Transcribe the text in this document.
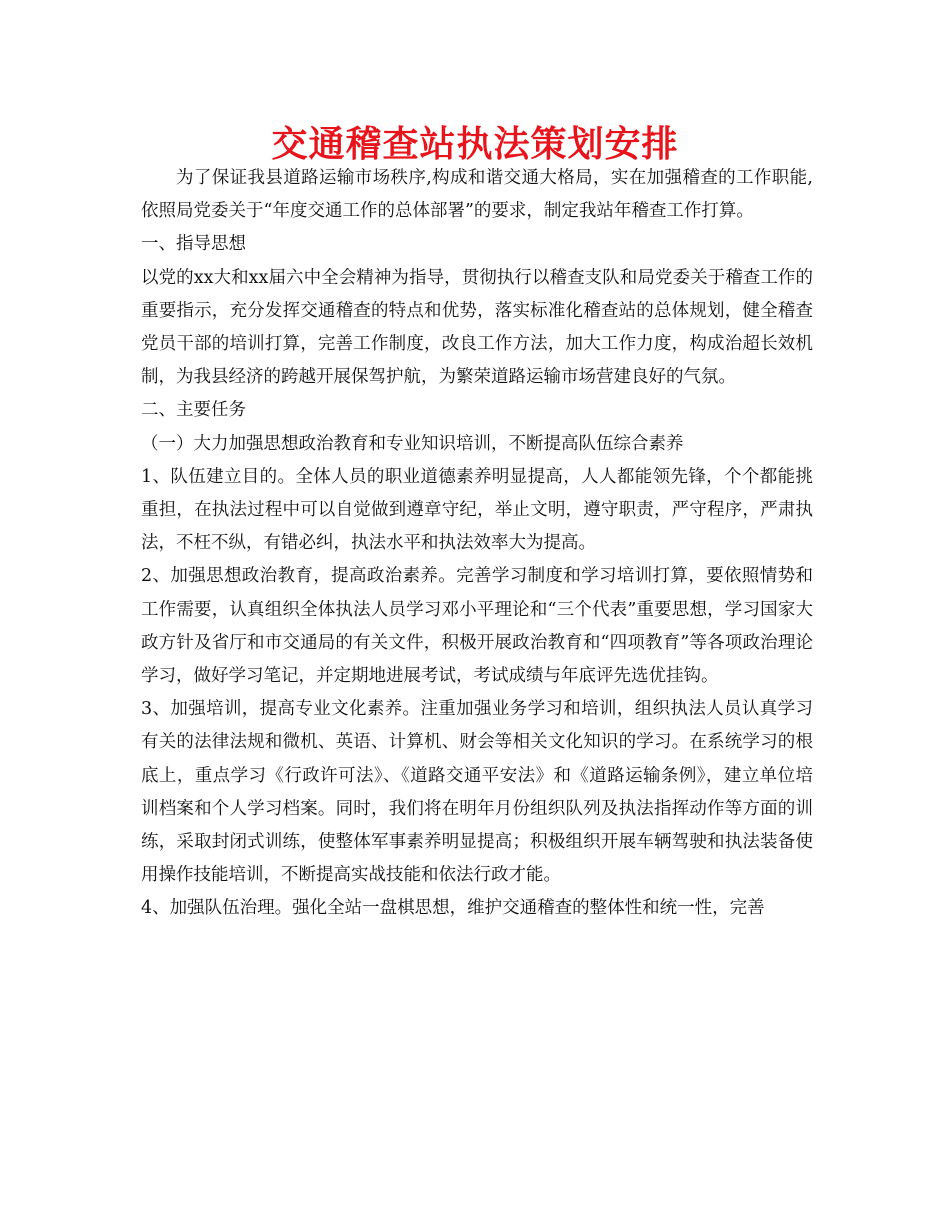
交通稽查站执法策划安排

为了保证我县道路运输市场秩序,构成和谐交通大格局，实在加强稽查的工作职能,依照局党委关于“年度交通工作的总体部署”的要求，制定我站年稽查工作打算。

一、指导思想

以党的xx大和xx届六中全会精神为指导，贯彻执行以稽查支队和局党委关于稽查工作的重要指示，充分发挥交通稽查的特点和优势，落实标准化稽查站的总体规划，健全稽查党员干部的培训打算，完善工作制度，改良工作方法，加大工作力度，构成治超长效机制，为我县经济的跨越开展保驾护航，为繁荣道路运输市场营建良好的气氛。

二、主要任务

（一）大力加强思想政治教育和专业知识培训，不断提高队伍综合素养

1、队伍建立目的。全体人员的职业道德素养明显提高，人人都能领先锋，个个都能挑重担，在执法过程中可以自觉做到遵章守纪，举止文明，遵守职责，严守程序，严肃执法，不枉不纵，有错必纠，执法水平和执法效率大为提高。

2、加强思想政治教育，提高政治素养。完善学习制度和学习培训打算，要依照情势和工作需要，认真组织全体执法人员学习邓小平理论和“三个代表”重要思想，学习国家大政方针及省厅和市交通局的有关文件，积极开展政治教育和“四项教育”等各项政治理论学习，做好学习笔记，并定期地进展考试，考试成绩与年底评先选优挂钩。

3、加强培训，提高专业文化素养。注重加强业务学习和培训，组织执法人员认真学习有关的法律法规和微机、英语、计算机、财会等相关文化知识的学习。在系统学习的根底上，重点学习《行政许可法》、《道路交通平安法》和《道路运输条例》，建立单位培训档案和个人学习档案。同时，我们将在明年月份组织队列及执法指挥动作等方面的训练，采取封闭式训练，使整体军事素养明显提高；积极组织开展车辆驾驶和执法装备使用操作技能培训，不断提高实战技能和依法行政才能。

4、加强队伍治理。强化全站一盘棋思想，维护交通稽查的整体性和统一性，完善
